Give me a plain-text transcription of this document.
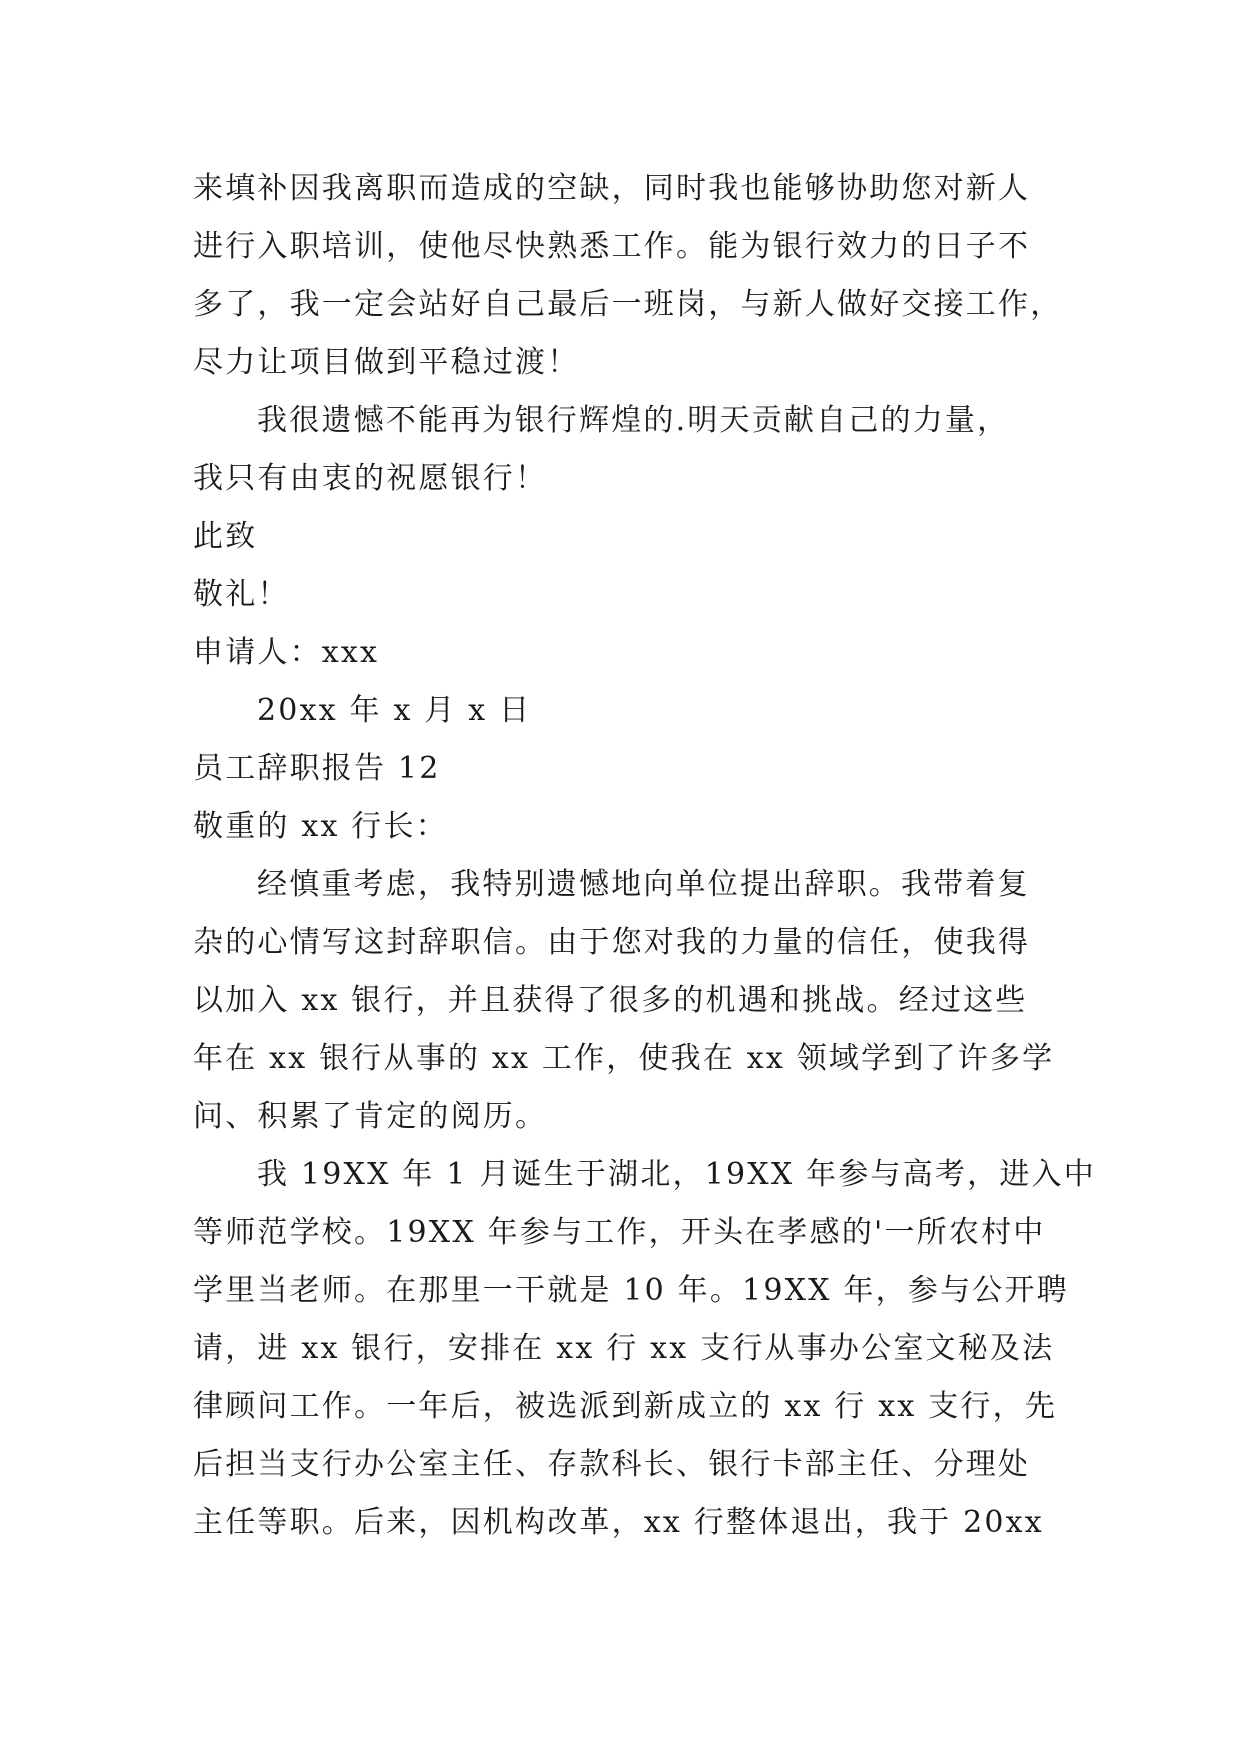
来填补因我离职而造成的空缺，同时我也能够协助您对新人
进行入职培训，使他尽快熟悉工作。能为银行效力的日子不
多了，我一定会站好自己最后一班岗，与新人做好交接工作，
尽力让项目做到平稳过渡！
我很遗憾不能再为银行辉煌的.明天贡献自己的力量，
我只有由衷的祝愿银行！
此致
敬礼！
申请人：xxx
20xx 年 x 月 x 日
员工辞职报告 12
敬重的 xx 行长：
经慎重考虑，我特别遗憾地向单位提出辞职。我带着复
杂的心情写这封辞职信。由于您对我的力量的信任，使我得
以加入 xx 银行，并且获得了很多的机遇和挑战。经过这些
年在 xx 银行从事的 xx 工作，使我在 xx 领域学到了许多学
问、积累了肯定的阅历。
我 19XX 年 1 月诞生于湖北，19XX 年参与高考，进入中
等师范学校。19XX 年参与工作，开头在孝感的'一所农村中
学里当老师。在那里一干就是 10 年。19XX 年，参与公开聘
请，进 xx 银行，安排在 xx 行 xx 支行从事办公室文秘及法
律顾问工作。一年后，被选派到新成立的 xx 行 xx 支行，先
后担当支行办公室主任、存款科长、银行卡部主任、分理处
主任等职。后来，因机构改革，xx 行整体退出，我于 20xx
